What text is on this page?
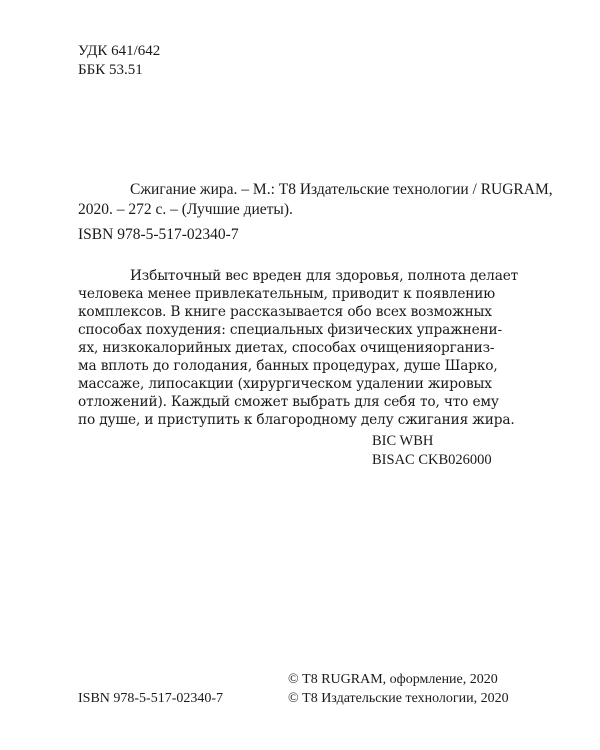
УДК 641/642
ББК 53.51
Сжигание жира. – М.: Т8 Издательские технологии / RUGRAM,
2020. – 272 с. – (Лучшие диеты).
ISBN 978-5-517-02340-7
Избыточный вес вреден для здоровья, полнота делает
человека менее привлекательным, приводит к появлению
комплексов. В книге рассказывается обо всех возможных
способах похудения: специальных физических упражнени-
ях, низкокалорийных диетах, способах очищенияорганиз-
ма вплоть до голодания, банных процедурах, душе Шарко,
массаже, липосакции (хирургическом удалении жировых
отложений). Каждый сможет выбрать для себя то, что ему
по душе, и приступить к благородному делу сжигания жира.
BIC WBH
BISAC CKB026000
© Т8 RUGRAM, оформление, 2020
© Т8 Издательские технологии, 2020
ISBN 978-5-517-02340-7
